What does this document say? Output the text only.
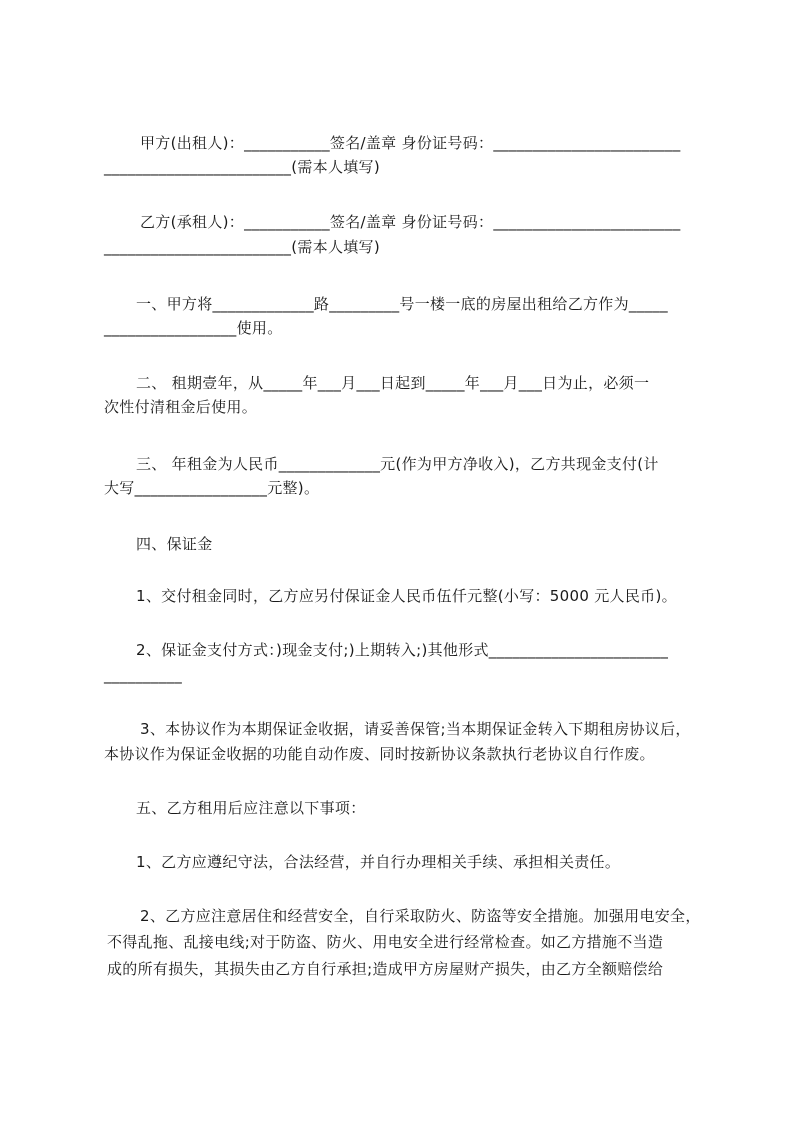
甲方(出租人)：___________签名/盖章 身份证号码：________________________
________________________(需本人填写)
乙方(承租人)：___________签名/盖章 身份证号码：________________________
________________________(需本人填写)
一、甲方将_____________路_________号一楼一底的房屋出租给乙方作为_____
_________________使用。
二、 租期壹年，从_____年___月___日起到_____年___月___日为止，必须一
次性付清租金后使用。
三、 年租金为人民币_____________元(作为甲方净收入)，乙方共现金支付(计
大写_________________元整)。
四、保证金
1、交付租金同时，乙方应另付保证金人民币伍仟元整(小写：5000 元人民币)。
2、保证金支付方式：)现金支付;)上期转入;)其他形式_______________________
__________
3、本协议作为本期保证金收据，请妥善保管;当本期保证金转入下期租房协议后，
本协议作为保证金收据的功能自动作废、同时按新协议条款执行老协议自行作废。
五、乙方租用后应注意以下事项：
1、乙方应遵纪守法，合法经营，并自行办理相关手续、承担相关责任。
2、乙方应注意居住和经营安全，自行采取防火、防盗等安全措施。加强用电安全，
不得乱拖、乱接电线;对于防盗、防火、用电安全进行经常检查。如乙方措施不当造
成的所有损失，其损失由乙方自行承担;造成甲方房屋财产损失，由乙方全额赔偿给
